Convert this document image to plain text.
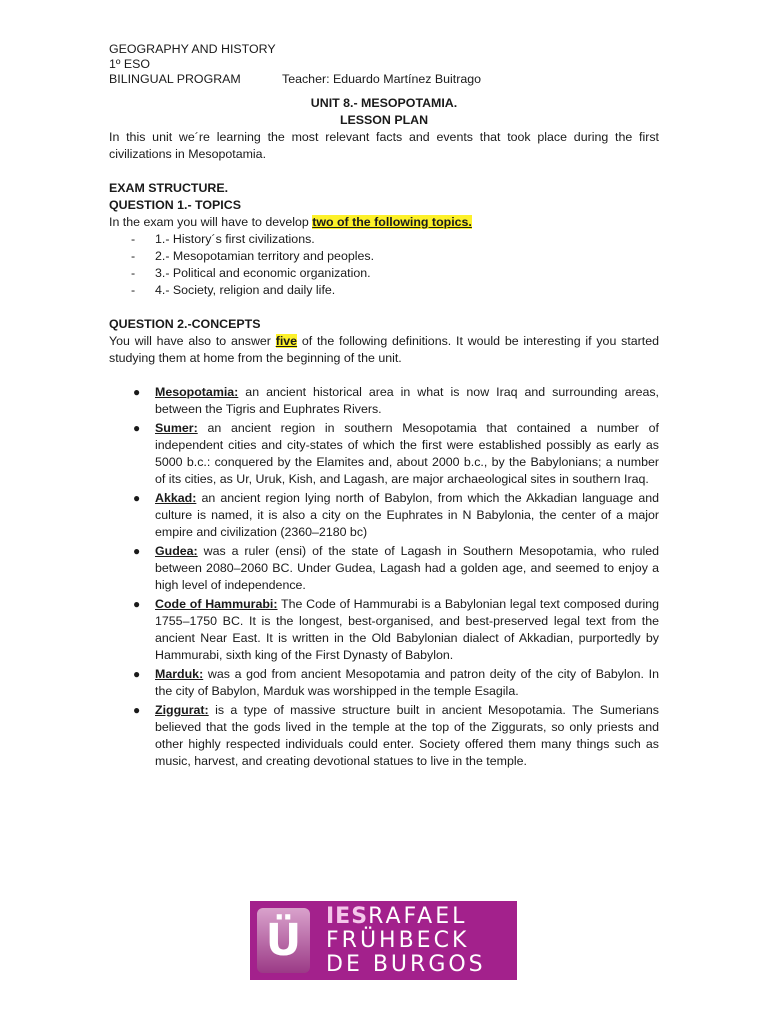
GEOGRAPHY AND HISTORY
1º ESO
BILINGUAL PROGRAM	Teacher: Eduardo Martínez Buitrago
UNIT 8.- MESOPOTAMIA.
LESSON PLAN

In this unit we´re learning the most relevant facts and events that took place during the first civilizations in Mesopotamia.

EXAM STRUCTURE.
QUESTION 1.- TOPICS

In the exam you will have to develop two of the following topics.

- 1.- History´s first civilizations.
- 2.- Mesopotamian territory and peoples.
- 3.- Political and economic organization.
- 4.- Society, religion and daily life.
QUESTION 2.-CONCEPTS

You will have also to answer five of the following definitions. It would be interesting if you started studying them at home from the beginning of the unit.

● Mesopotamia: an ancient historical area in what is now Iraq and surrounding areas, between the Tigris and Euphrates Rivers.
● Sumer: an ancient region in southern Mesopotamia that contained a number of independent cities and city-states of which the first were established possibly as early as 5000 b.c.: conquered by the Elamites and, about 2000 b.c., by the Babylonians; a number of its cities, as Ur, Uruk, Kish, and Lagash, are major archaeological sites in southern Iraq.
● Akkad: an ancient region lying north of Babylon, from which the Akkadian language and culture is named, it is also a city on the Euphrates in N Babylonia, the center of a major empire and civilization (2360–2180 bc)
● Gudea: was a ruler (ensi) of the state of Lagash in Southern Mesopotamia, who ruled between 2080–2060 BC. Under Gudea, Lagash had a golden age, and seemed to enjoy a high level of independence.
● Code of Hammurabi: The Code of Hammurabi is a Babylonian legal text composed during 1755–1750 BC. It is the longest, best-organised, and best-preserved legal text from the ancient Near East. It is written in the Old Babylonian dialect of Akkadian, purportedly by Hammurabi, sixth king of the First Dynasty of Babylon.
● Marduk: was a god from ancient Mesopotamia and patron deity of the city of Babylon. In the city of Babylon, Marduk was worshipped in the temple Esagila.
● Ziggurat: is a type of massive structure built in ancient Mesopotamia. The Sumerians believed that the gods lived in the temple at the top of the Ziggurats, so only priests and other highly respected individuals could enter. Society offered them many things such as music, harvest, and creating devotional statues to live in the temple.
Ü	IESRAFAEL
FRÜHBECK
DE BURGOS
